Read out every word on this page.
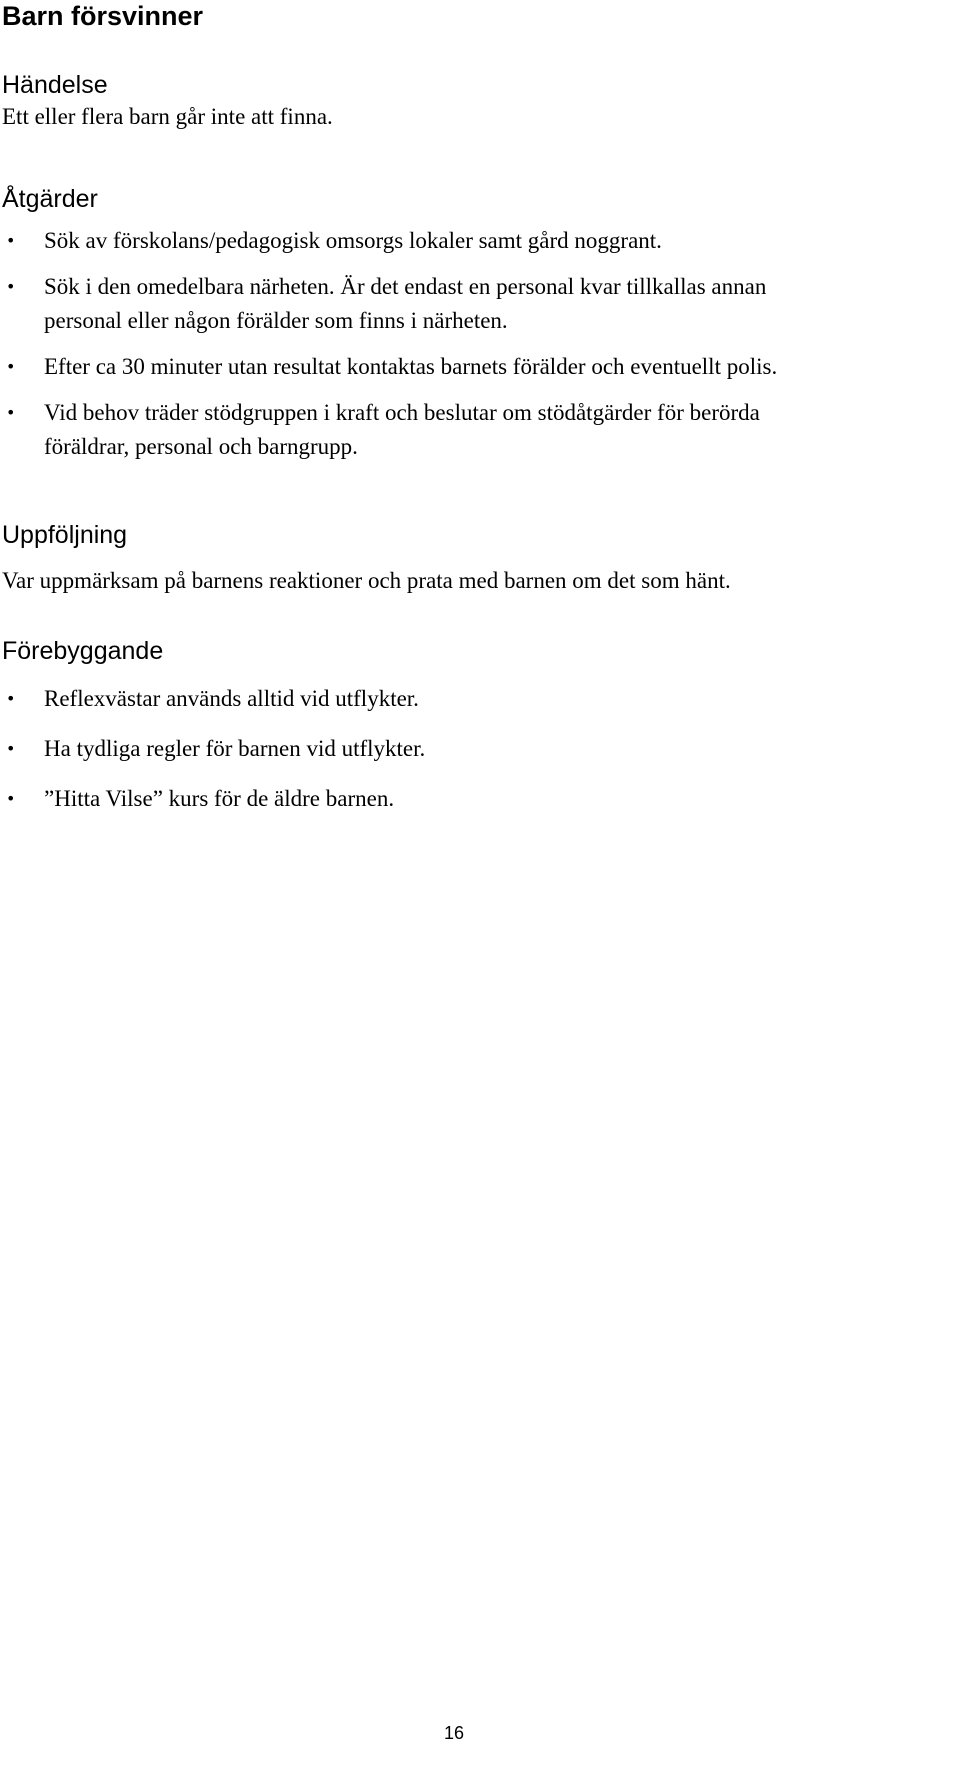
Barn försvinner
Händelse

Ett eller flera barn går inte att finna.

Åtgärder
• Sök av förskolans/pedagogisk omsorgs lokaler samt gård noggrant.
• Sök i den omedelbara närheten. Är det endast en personal kvar tillkallas annan
personal eller någon förälder som finns i närheten.
• Efter ca 30 minuter utan resultat kontaktas barnets förälder och eventuellt polis.
• Vid behov träder stödgruppen i kraft och beslutar om stödåtgärder för berörda
föräldrar, personal och barngrupp.
Uppföljning

Var uppmärksam på barnens reaktioner och prata med barnen om det som hänt.

Förebyggande
• Reflexvästar används alltid vid utflykter.
• Ha tydliga regler för barnen vid utflykter.
• ”Hitta Vilse” kurs för de äldre barnen.
16
